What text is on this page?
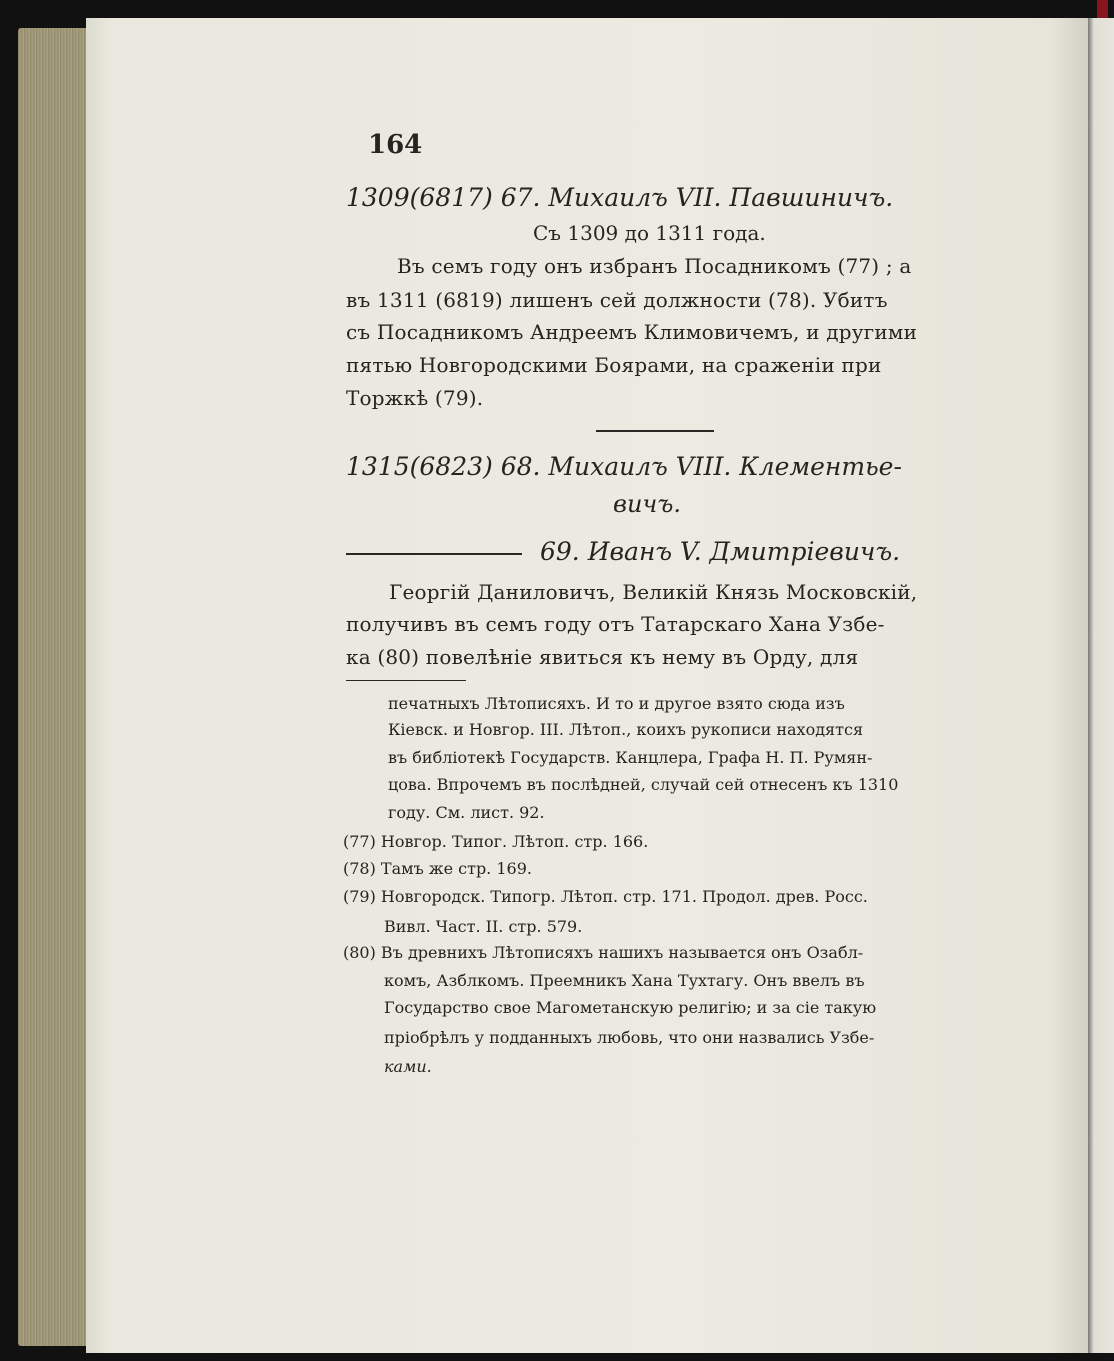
164
1309(6817) 67. Михаилъ VII. Павшиничъ.
Съ 1309 до 1311 года.
Въ семъ году онъ избранъ Посадникомъ (77) ; а
въ 1311 (6819) лишенъ сей должности (78). Убитъ
съ Посадникомъ Андреемъ Климовичемъ, и другими
пятью Новгородскими Боярами, на сраженіи при
Торжкѣ (79).
1315(6823) 68. Михаилъ VIII. Клементье-
вичъ.
69. Иванъ V. Дмитріевичъ.
Георгій Даниловичъ, Великій Князь Московскій,
получивъ въ семъ году отъ Татарскаго Хана Узбе-
ка (80) повелѣніе явиться къ нему въ Орду, для
печатныхъ Лѣтописяхъ. И то и другое взято сюда изъ
Кіевск. и Новгор. III. Лѣтоп., коихъ рукописи находятся
въ библіотекѣ Государств. Канцлера, Графа Н. П. Румян-
цова. Впрочемъ въ послѣдней, случай сей отнесенъ къ 1310
году. См. лист. 92.
(77) Новгор. Типог. Лѣтоп. стр. 166.
(78) Тамъ же стр. 169.
(79) Новгородск. Типогр. Лѣтоп. стр. 171. Продол. древ. Росс.
Вивл. Част. II. стр. 579.
(80) Въ древнихъ Лѣтописяхъ нашихъ называется онъ Озабл-
комъ, Азблкомъ. Преемникъ Хана Тухтагу. Онъ ввелъ въ
Государство свое Магометанскую религію; и за сіе такую
пріобрѣлъ у подданныхъ любовь, что они назвались Узбе-
ками.
